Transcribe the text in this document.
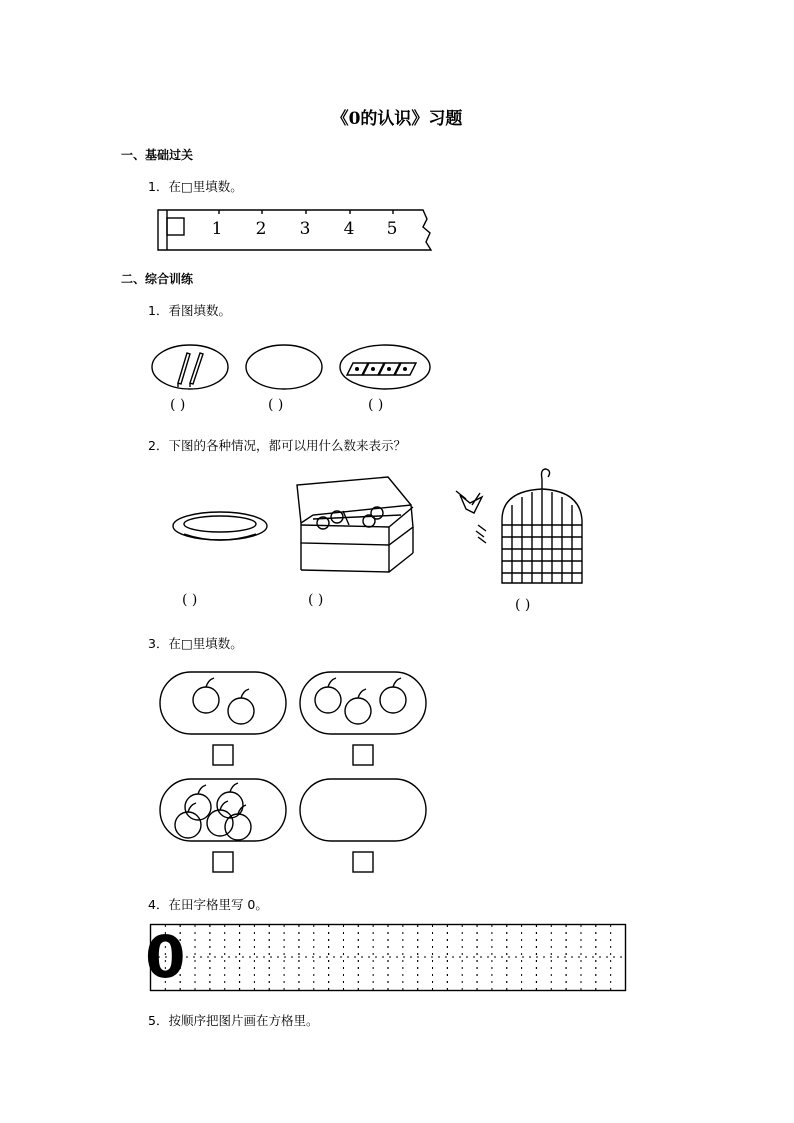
《0的认识》习题
一、基础过关
1．在□里填数。
1 2 3 4 5
二、综合训练
1．看图填数。
( )	( )	( )
2．下图的各种情况，都可以用什么数来表示？
( )	( )	( )
3．在□里填数。
4．在田字格里写 0。
0
5．按顺序把图片画在方格里。
